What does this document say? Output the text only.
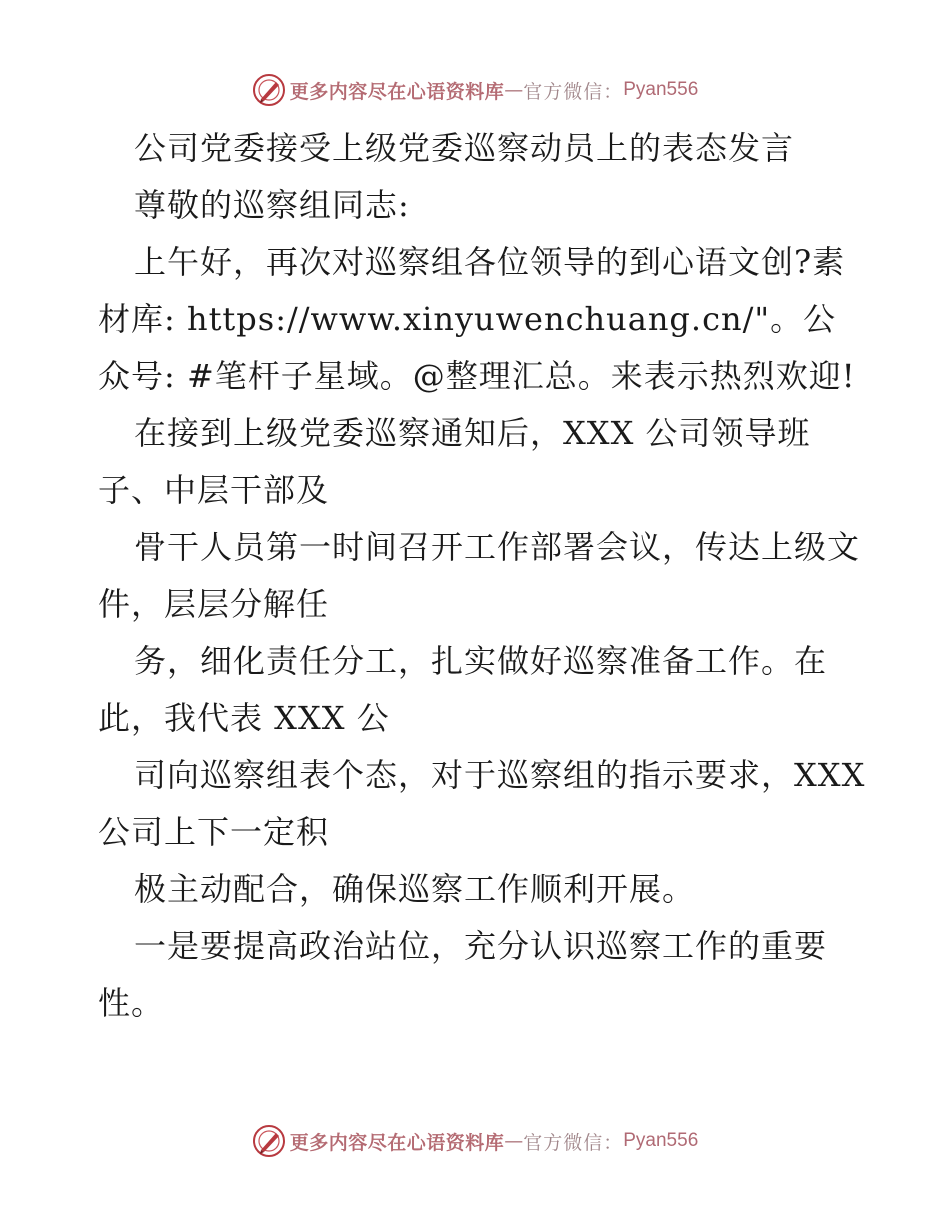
更多内容尽在心语资料库 — 官方微信： Pyan556

公司党委接受上级党委巡察动员上的表态发言

尊敬的巡察组同志:

上午好，再次对巡察组各位领导的到心语文创?素材库: https://www.xinyuwenchuang.cn/"。公众号: #笔杆子星域。@整理汇总。来表示热烈欢迎!

在接到上级党委巡察通知后，XXX 公司领导班子、中层干部及

骨干人员第一时间召开工作部署会议，传达上级文件，层层分解任

务，细化责任分工，扎实做好巡察准备工作。在此，我代表 XXX 公

司向巡察组表个态，对于巡察组的指示要求，XXX 公司上下一定积

极主动配合，确保巡察工作顺利开展。

一是要提高政治站位，充分认识巡察工作的重要性。

更多内容尽在心语资料库 — 官方微信： Pyan556
